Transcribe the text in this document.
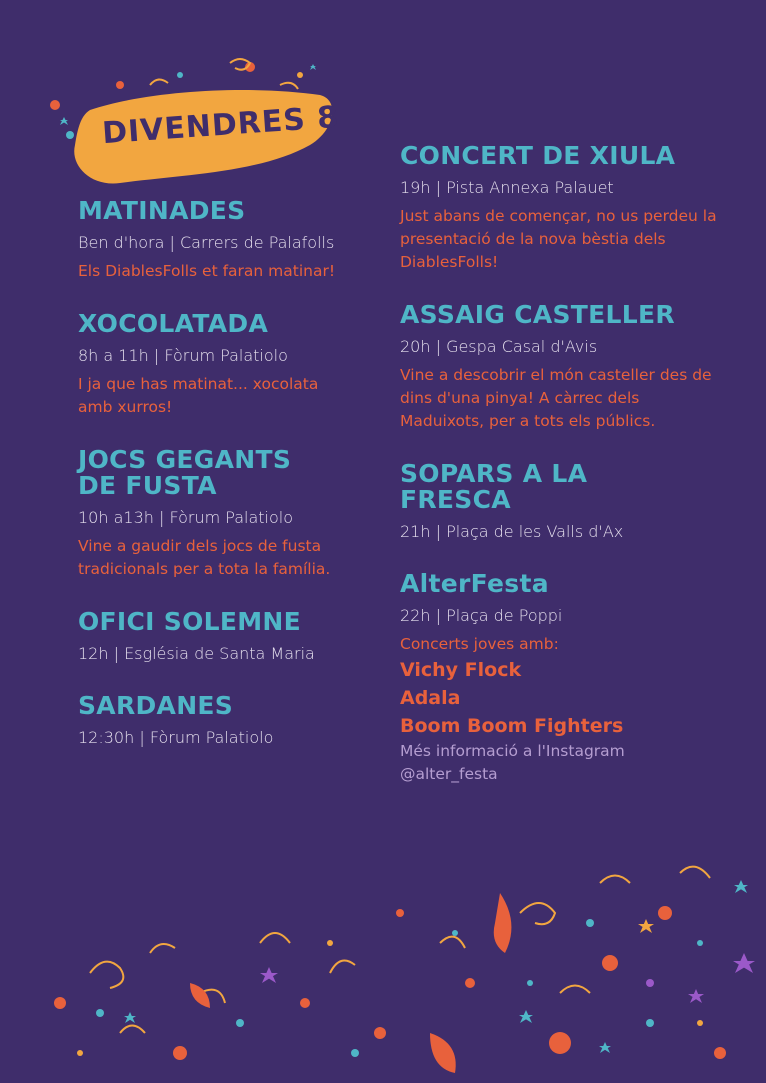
DIVENDRES 8
MATINADES
Ben d'hora | Carrers de Palafolls

Els DiablesFolls et faran matinar!

XOCOLATADA
8h a 11h | Fòrum Palatiolo

I ja que has matinat... xocolata amb xurros!

JOCS GEGANTS DE FUSTA
10h a13h | Fòrum Palatiolo

Vine a gaudir dels jocs de fusta tradicionals per a tota la família.

OFICI SOLEMNE
12h | Església de Santa Maria
SARDANES
12:30h | Fòrum Palatiolo
CONCERT DE XIULA
19h | Pista Annexa Palauet

Just abans de començar, no us perdeu la presentació de la nova bèstia dels DiablesFolls!

ASSAIG CASTELLER
20h | Gespa Casal d'Avis

Vine a descobrir el món casteller des de dins d'una pinya! A càrrec dels Maduixots, per a tots els públics.

SOPARS A LA FRESCA
21h | Plaça de les Valls d'Ax
AlterFesta
22h | Plaça de Poppi

Concerts joves amb:

Vichy Flock
Adala
Boom Boom Fighters

Més informació a l'Instagram

@alter_festa
